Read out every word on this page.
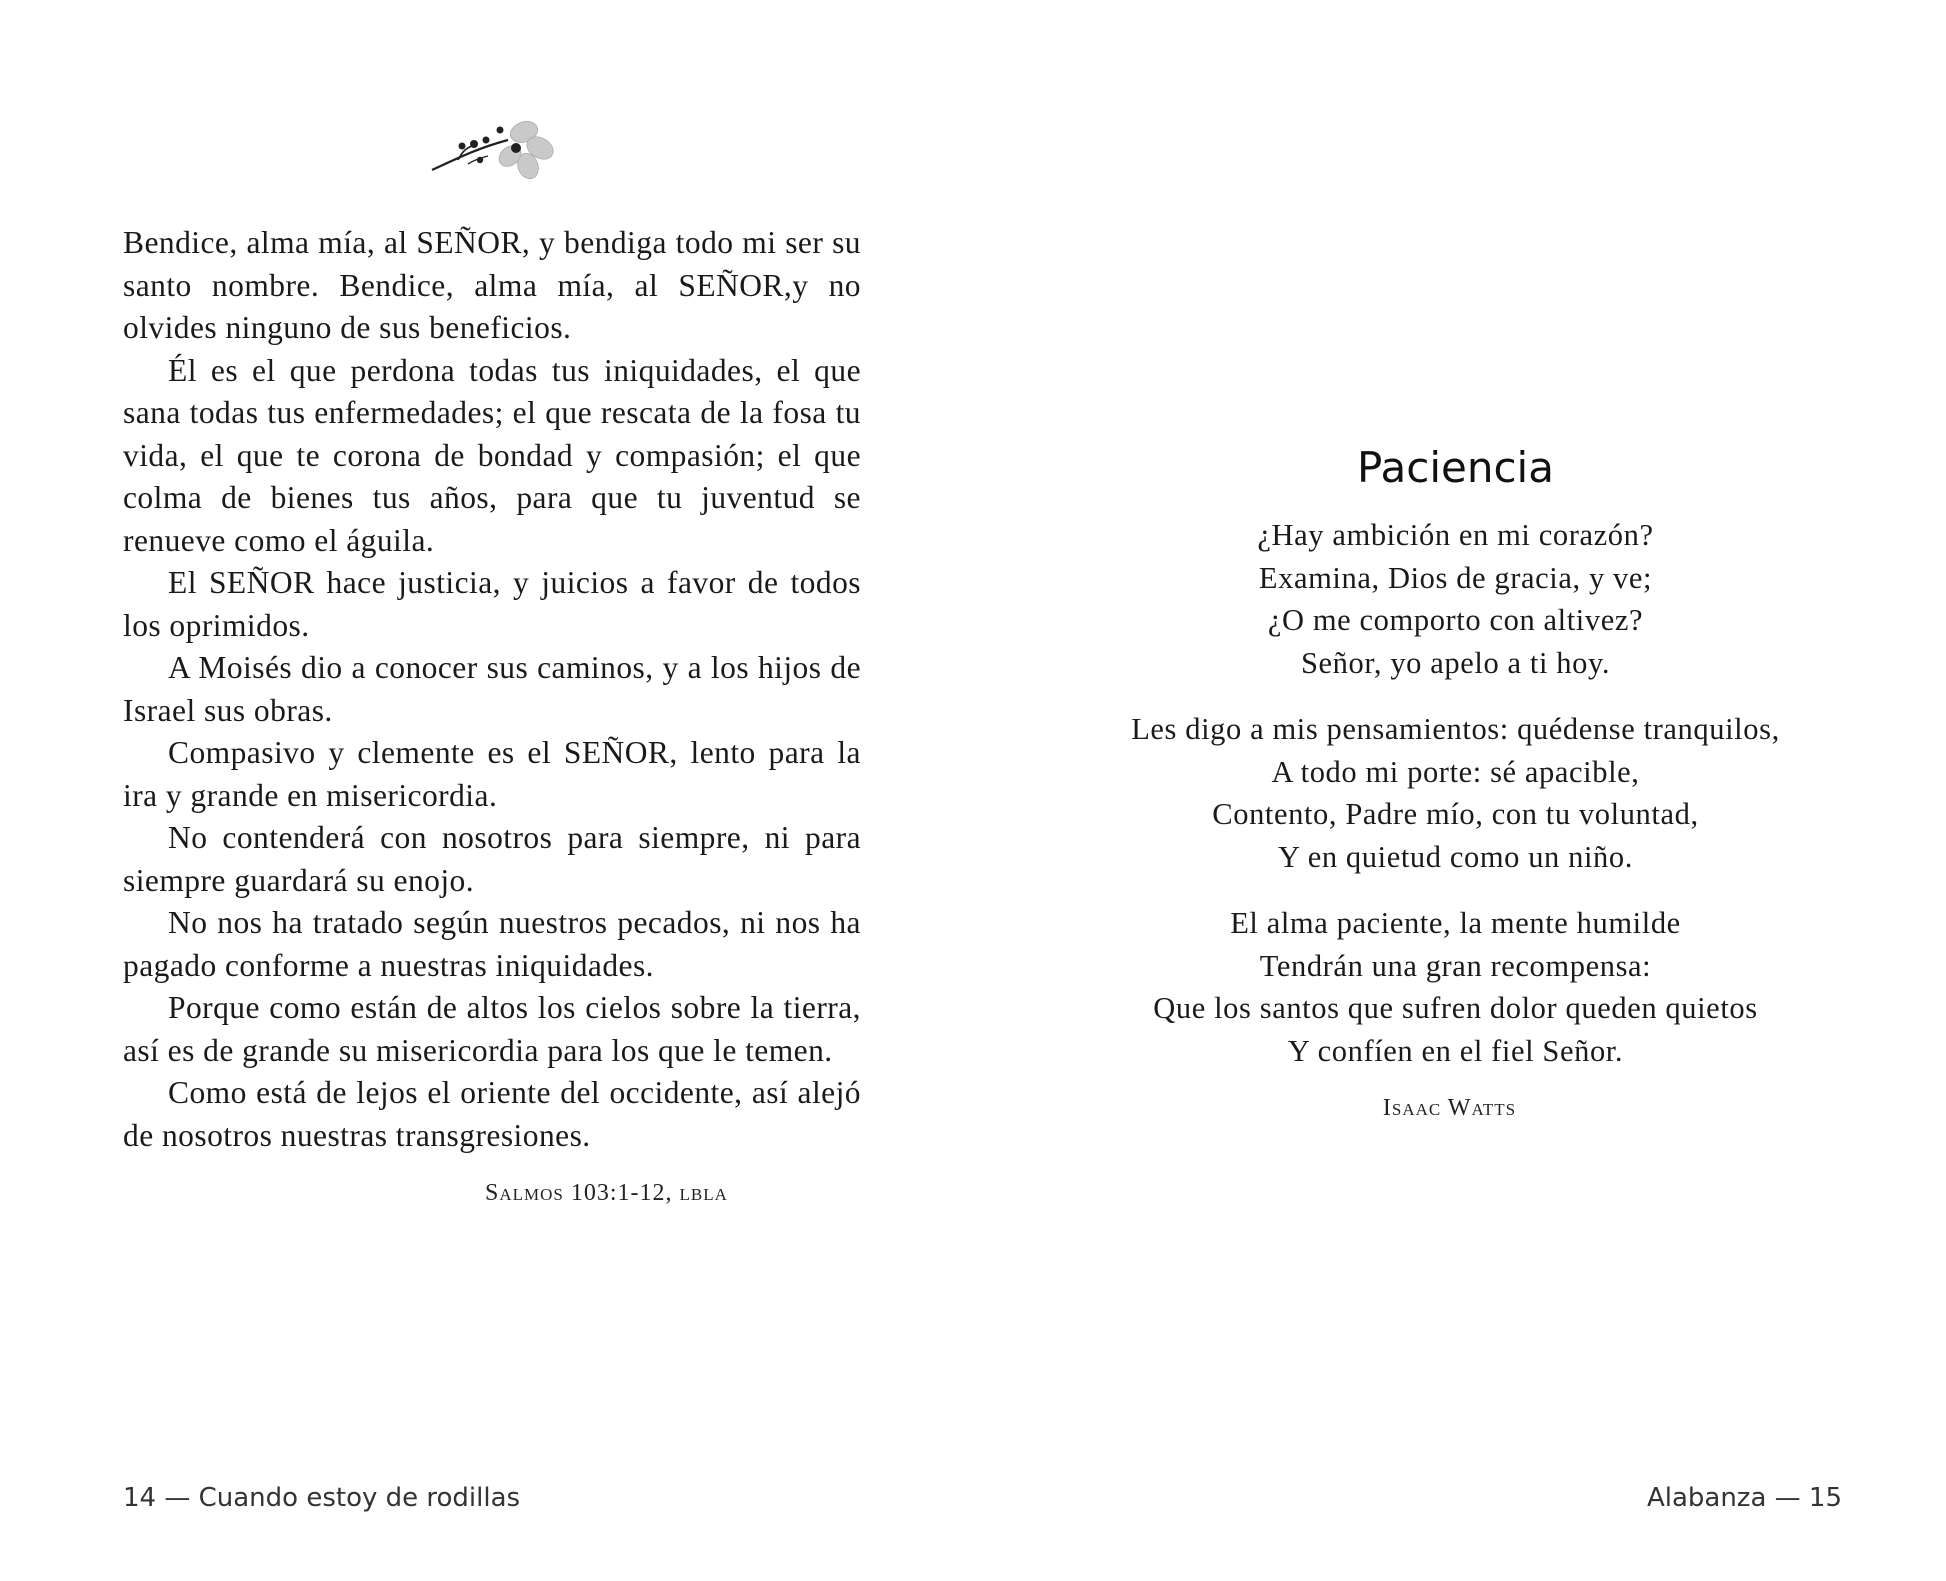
Bendice, alma mía, al SEÑOR, y bendiga todo mi ser su santo nombre. Bendice, alma mía, al SEÑOR,y no olvides ninguno de sus beneficios.

Él es el que perdona todas tus iniquidades, el que sana todas tus enfermedades; el que rescata de la fosa tu vida, el que te corona de bondad y compasión; el que colma de bienes tus años, para que tu juventud se renueve como el águila.

El SEÑOR hace justicia, y juicios a favor de todos los oprimidos.

A Moisés dio a conocer sus caminos, y a los hijos de Israel sus obras.

Compasivo y clemente es el SEÑOR, lento para la ira y grande en misericordia.

No contenderá con nosotros para siempre, ni para siempre guardará su enojo.

No nos ha tratado según nuestros pecados, ni nos ha pagado conforme a nuestras iniquidades.

Porque como están de altos los cielos sobre la tierra, así es de grande su misericordia para los que le temen.

Como está de lejos el oriente del occidente, así alejó de nosotros nuestras transgresiones.

Salmos 103:1-12, lbla
14 — Cuando estoy de rodillas
Paciencia
¿Hay ambición en mi corazón?
Examina, Dios de gracia, y ve;
¿O me comporto con altivez?
Señor, yo apelo a ti hoy.
Les digo a mis pensamientos: quédense tranquilos,
A todo mi porte: sé apacible,
Contento, Padre mío, con tu voluntad,
Y en quietud como un niño.
El alma paciente, la mente humilde
Tendrán una gran recompensa:
Que los santos que sufren dolor queden quietos
Y confíen en el fiel Señor.
Isaac Watts
Alabanza — 15
